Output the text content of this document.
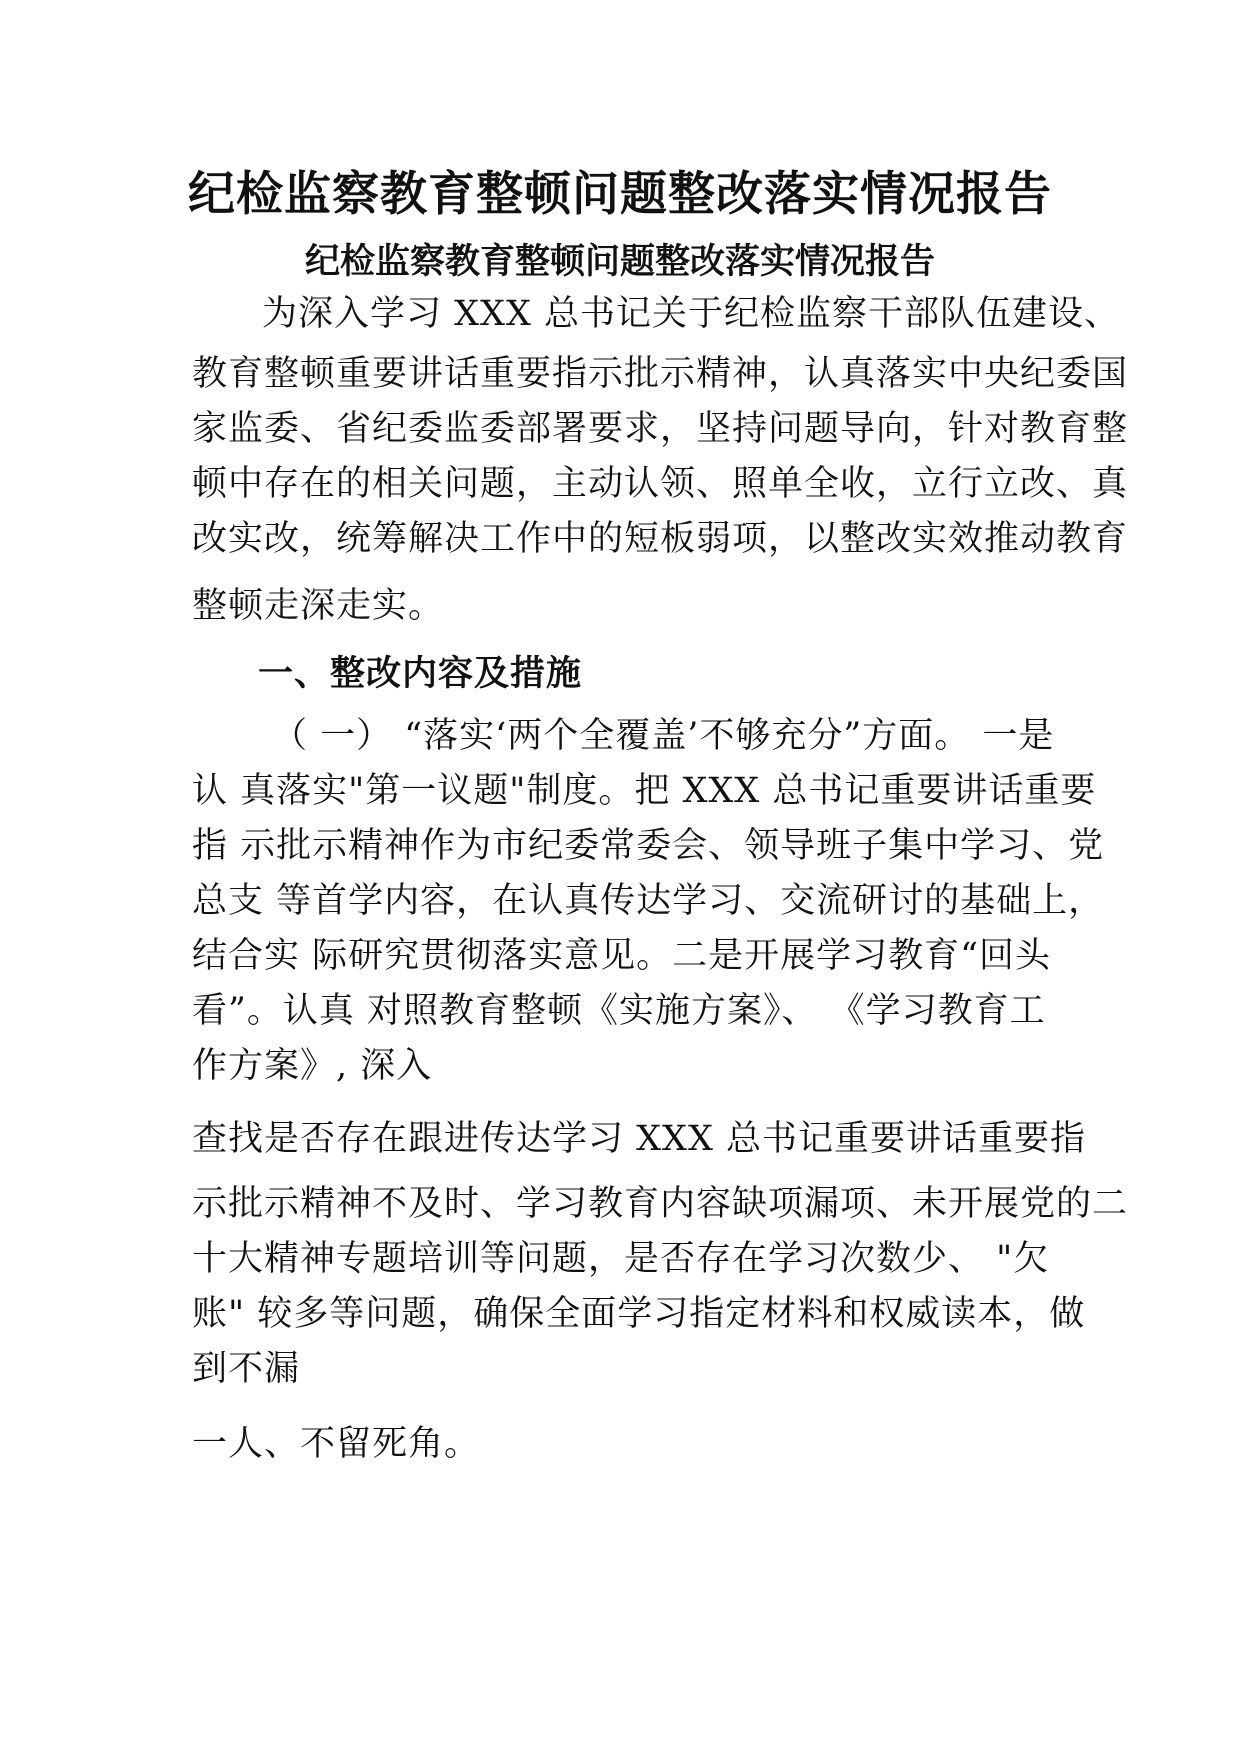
纪检监察教育整顿问题整改落实情况报告
纪检监察教育整顿问题整改落实情况报告

为深入学习 XXX 总书记关于纪检监察干部队伍建设、

教育整顿重要讲话重要指示批示精神，认真落实中央纪委国

家监委、省纪委监委部署要求，坚持问题导向，针对教育整

顿中存在的相关问题，主动认领、照单全收，立行立改、真

改实改，统筹解决工作中的短板弱项，以整改实效推动教育

整顿走深走实。

一、整改内容及措施

（ 一） “落实‘两个全覆盖’不够充分”方面。 一是

认 真落实"第一议题"制度。把 XXX 总书记重要讲话重要

指 示批示精神作为市纪委常委会、领导班子集中学习、党

总支 等首学内容，在认真传达学习、交流研讨的基础上，

结合实 际研究贯彻落实意见。二是开展学习教育“回头

看”。认真 对照教育整顿《实施方案》、 《学习教育工

作方案》, 深入

查找是否存在跟进传达学习 XXX 总书记重要讲话重要指

示批示精神不及时、学习教育内容缺项漏项、未开展党的二

十大精神专题培训等问题，是否存在学习次数少、 "欠

账" 较多等问题，确保全面学习指定材料和权威读本，做

到不漏

一人、不留死角。
